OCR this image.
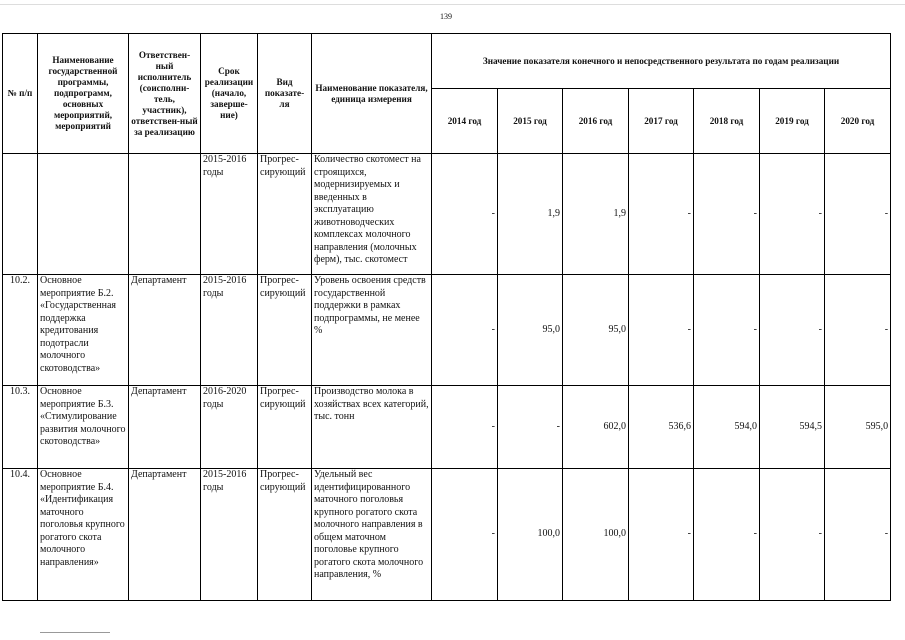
139
№ п/п	Наименование государственной программы, подпрограмм, основных мероприятий, мероприятий	Ответствен-ный исполнитель (соисполни-тель, участник), ответствен-ный за реализацию	Срок реализации (начало, заверше-ние)	Вид показате-ля	Наименование показателя, единица измерения	Значение показателя конечного и непосредственного результата по годам реализации						
						2014 год	2015 год	2016 год	2017 год	2018 год	2019 год	2020 год
			2015-2016 годы	Прогрес-сирующий	Количество скотомест на строящихся, модернизируемых и введенных в эксплуатацию животноводческих комплексах молочного направления (молочных ферм), тыс. скотомест	-	1,9	1,9	-	-	-	-
10.2.	Основное мероприятие Б.2. «Государственная поддержка кредитования подотрасли молочного скотоводства»	Департамент	2015-2016 годы	Прогрес-сирующий	Уровень освоения средств государственной поддержки в рамках подпрограммы, не менее %	-	95,0	95,0	-	-	-	-
10.3.	Основное мероприятие Б.3. «Стимулирование развития молочного скотоводства»	Департамент	2016-2020 годы	Прогрес-сирующий	Производство молока в хозяйствах всех категорий, тыс. тонн	-	-	602,0	536,6	594,0	594,5	595,0
10.4.	Основное мероприятие Б.4. «Идентификация маточного поголовья крупного рогатого скота молочного направления»	Департамент	2015-2016 годы	Прогрес-сирующий	Удельный вес идентифицированного маточного поголовья крупного рогатого скота молочного направления в общем маточном поголовье крупного рогатого скота молочного направления, %	-	100,0	100,0	-	-	-	-
